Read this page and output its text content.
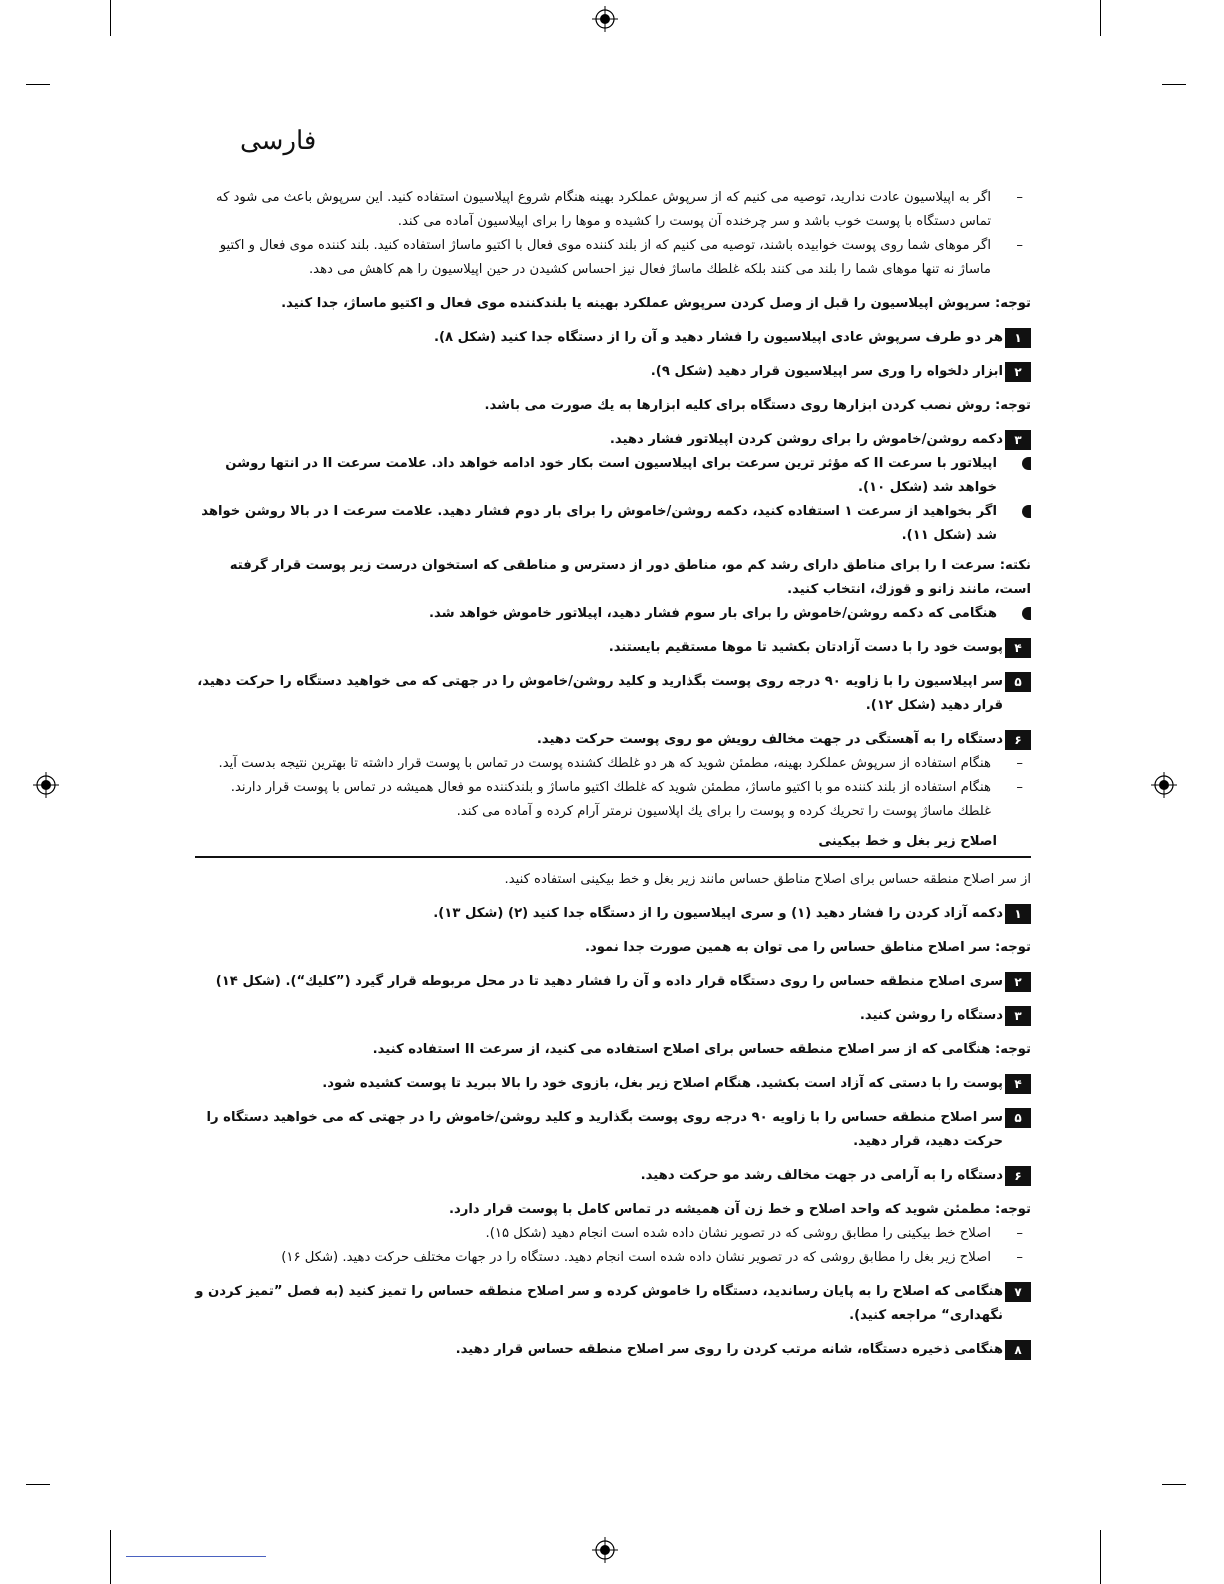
فارسی
– اگر به اپیلاسیون عادت ندارید، توصیه می کنیم که از سرپوش عملکرد بهینه هنگام شروع اپیلاسیون استفاده کنید. این سرپوش باعث می شود که تماس دستگاه با پوست خوب باشد و سر چرخنده آن پوست را کشیده و موها را برای اپیلاسیون آماده می کند.
– اگر موهای شما روی پوست خوابیده باشند، توصیه می کنیم که از بلند کننده موی فعال با اکتیو ماساژ استفاده کنید. بلند کننده موی فعال و اکتیو ماساژ نه تنها موهای شما را بلند می کنند بلکه غلطك ماساژ فعال نیز احساس کشیدن در حین اپیلاسیون را هم کاهش می دهد.
توجه: سرپوش اپیلاسیون را قبل از وصل کردن سرپوش عملکرد بهینه یا بلندکننده موی فعال و اکتیو ماساژ، جدا کنید.
۱
هر دو طرف سرپوش عادی اپیلاسیون را فشار دهید و آن را از دستگاه جدا کنید (شکل ۸).
۲
ابزار دلخواه را وری سر اپیلاسیون قرار دهید (شکل ۹).
توجه: روش نصب کردن ابزارها روی دستگاه برای کلیه ابزارها به یك صورت می باشد.
۳
دکمه روشن/خاموش را برای روشن کردن اپیلاتور فشار دهید.
اپیلاتور با سرعت II که مؤثر ترین سرعت برای اپیلاسیون است بکار خود ادامه خواهد داد. علامت سرعت II در انتها روشن خواهد شد (شکل ۱۰).
اگر بخواهید از سرعت ۱ استفاده کنید، دکمه روشن/خاموش را برای بار دوم فشار دهید. علامت سرعت I در بالا روشن خواهد شد (شکل ۱۱).
نکته: سرعت I را برای مناطق دارای رشد کم مو، مناطق دور از دسترس و مناطقی که استخوان درست زیر پوست قرار گرفته است، مانند زانو و قوزك، انتخاب کنید.
هنگامی که دکمه روشن/خاموش را برای بار سوم فشار دهید، اپیلاتور خاموش خواهد شد.
۴
پوست خود را با دست آزادتان بکشید تا موها مستقیم بایستند.
۵
سر اپیلاسیون را با زاویه ۹۰ درجه روی پوست بگذارید و کلید روشن/خاموش را در جهتی که می خواهید دستگاه را حرکت دهید، قرار دهید (شکل ۱۲).
۶
دستگاه را به آهستگی در جهت مخالف رویش مو روی پوست حرکت دهید.
– هنگام استفاده از سرپوش عملکرد بهینه، مطمئن شوید که هر دو غلطك کشنده پوست در تماس با پوست قرار داشته تا بهترین نتیجه بدست آید.
– هنگام استفاده از بلند کننده مو با اکتیو ماساژ، مطمئن شوید که غلطك اکتیو ماساژ و بلندکننده مو فعال همیشه در تماس با پوست قرار دارند. غلطك ماساژ پوست را تحریك کرده و پوست را برای یك اپلاسیون نرمتر آرام کرده و آماده می کند.
اصلاح زیر بغل و خط بیکینی
از سر اصلاح منطقه حساس برای اصلاح مناطق حساس مانند زیر بغل و خط بیکینی استفاده کنید.
۱
دکمه آزاد کردن را فشار دهید (۱) و سری اپیلاسیون را از دستگاه جدا کنید (۲) (شکل ۱۳).
توجه: سر اصلاح مناطق حساس را می توان به همین صورت جدا نمود.
۲
سری اصلاح منطقه حساس را روی دستگاه قرار داده و آن را فشار دهید تا در محل مربوطه قرار گیرد (”کلیك“). (شکل ۱۴)
۳
دستگاه را روشن کنید.
توجه: هنگامی که از سر اصلاح منطقه حساس برای اصلاح استفاده می کنید، از سرعت II استفاده کنید.
۴
پوست را با دستی که آزاد است بکشید. هنگام اصلاح زیر بغل، بازوی خود را بالا ببرید تا پوست کشیده شود.
۵
سر اصلاح منطقه حساس را با زاویه ۹۰ درجه روی پوست بگذارید و کلید روشن/خاموش را در جهتی که می خواهید دستگاه را حرکت دهید، قرار دهید.
۶
دستگاه را به آرامی در جهت مخالف رشد مو حرکت دهید.
توجه: مطمئن شوید که واحد اصلاح و خط زن آن همیشه در تماس کامل با پوست قرار دارد.
– اصلاح خط بیکینی را مطابق روشی که در تصویر نشان داده شده است انجام دهید (شکل ۱۵).
– اصلاح زیر بغل را مطابق روشی که در تصویر نشان داده شده است انجام دهید. دستگاه را در جهات مختلف حرکت دهید. (شکل ۱۶)
۷
هنگامی که اصلاح را به پایان رساندید، دستگاه را خاموش کرده و سر اصلاح منطقه حساس را تمیز کنید (به فصل ”تمیز کردن و نگهداری“ مراجعه کنید).
۸
هنگامی ذخیره دستگاه، شانه مرتب کردن را روی سر اصلاح منطقه حساس قرار دهید.
